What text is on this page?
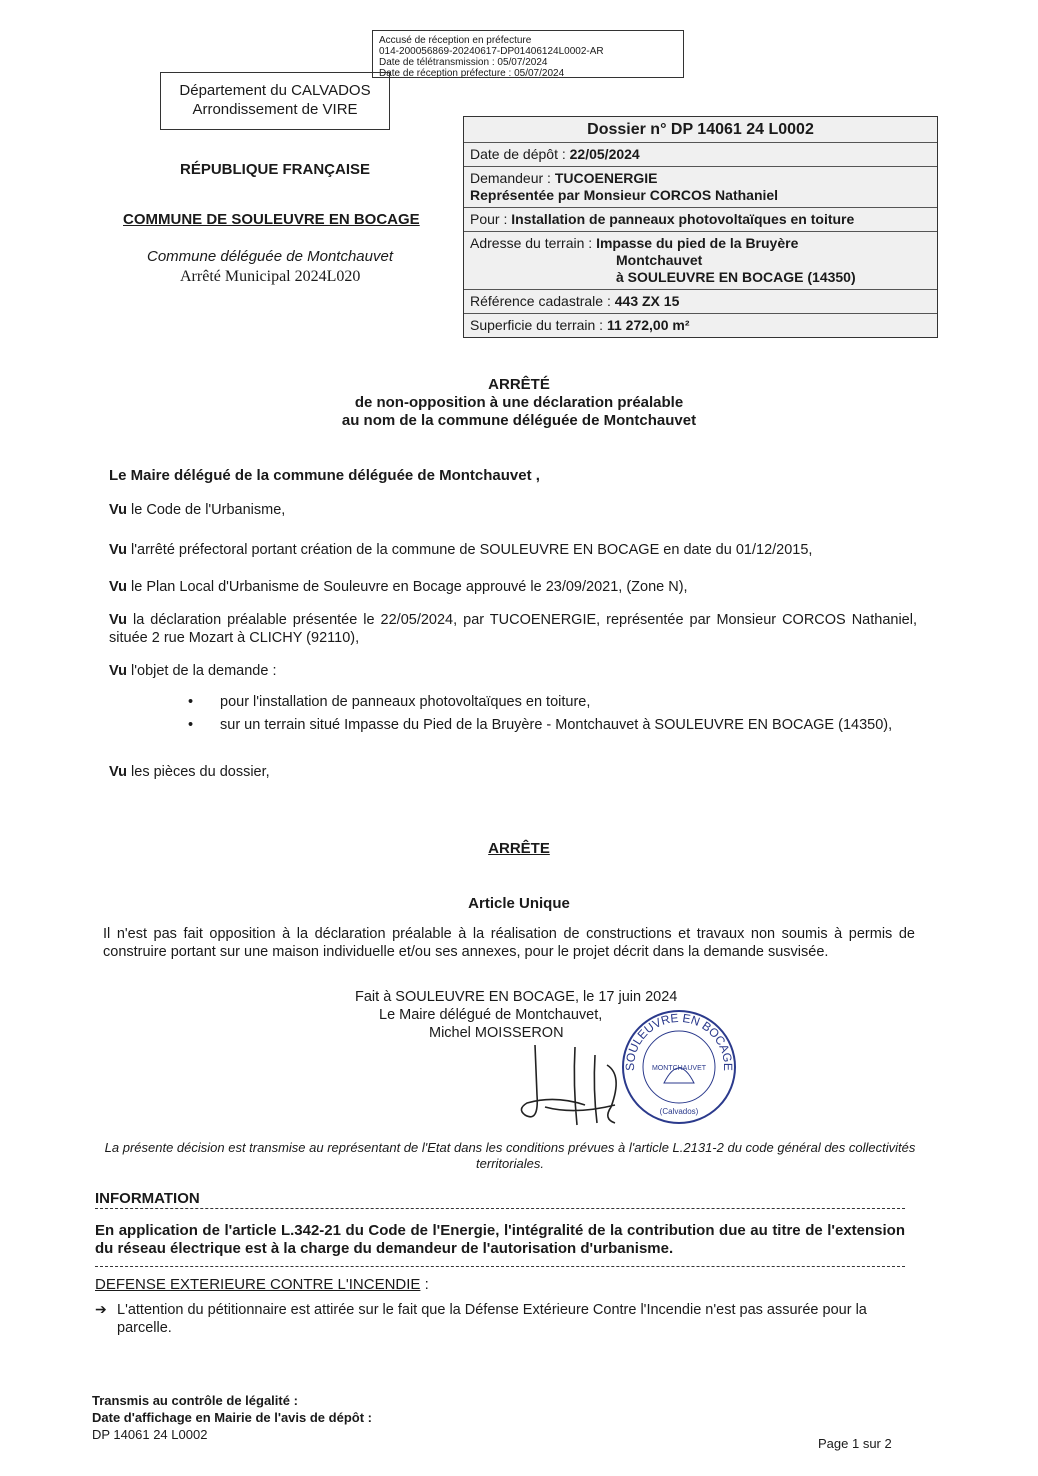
Accusé de réception en préfecture
014-200056869-20240617-DP01406124L0002-AR
Date de télétransmission : 05/07/2024
Date de réception préfecture : 05/07/2024
Département du CALVADOS
Arrondissement de VIRE
RÉPUBLIQUE FRANÇAISE
COMMUNE DE SOULEUVRE EN BOCAGE
Commune déléguée de Montchauvet
Arrêté Municipal 2024L020
Dossier n° DP 14061 24 L0002
Date de dépôt : 22/05/2024
Demandeur : TUCOENERGIE
Représentée par Monsieur CORCOS Nathaniel
Pour : Installation de panneaux photovoltaïques en toiture
Adresse du terrain : Impasse du pied de la Bruyère
Montchauvet
à SOULEUVRE EN BOCAGE (14350)
Référence cadastrale : 443 ZX 15
Superficie du terrain : 11 272,00 m²
ARRÊTÉ
de non-opposition à une déclaration préalable
au nom de la commune déléguée de Montchauvet
Le Maire délégué de la commune déléguée de Montchauvet ,
Vu le Code de l'Urbanisme,
Vu l'arrêté préfectoral portant création de la commune de SOULEUVRE EN BOCAGE en date du 01/12/2015,
Vu le Plan Local d'Urbanisme de Souleuvre en Bocage approuvé le 23/09/2021, (Zone N),
Vu la déclaration préalable présentée le 22/05/2024, par TUCOENERGIE, représentée par Monsieur CORCOS Nathaniel, située 2 rue Mozart à CLICHY (92110),
Vu l'objet de la demande :
• pour l'installation de panneaux photovoltaïques en toiture,
• sur un terrain situé Impasse du Pied de la Bruyère - Montchauvet à SOULEUVRE EN BOCAGE (14350),
Vu les pièces du dossier,
ARRÊTE
Article Unique
Il n'est pas fait opposition à la déclaration préalable à la réalisation de constructions et travaux non soumis à permis de construire portant sur une maison individuelle et/ou ses annexes, pour le projet décrit dans la demande susvisée.
Fait à SOULEUVRE EN BOCAGE, le 17 juin 2024
Le Maire délégué de Montchauvet,
Michel MOISSERON
SOULEUVRE EN BOCAGE
MONTCHAUVET
(Calvados)
La présente décision est transmise au représentant de l'Etat dans les conditions prévues à l'article L.2131-2 du code général des collectivités territoriales.
INFORMATION
En application de l'article L.342-21 du Code de l'Energie, l'intégralité de la contribution due au titre de l'extension du réseau électrique est à la charge du demandeur de l'autorisation d'urbanisme.
DEFENSE EXTERIEURE CONTRE L'INCENDIE :
➔ L'attention du pétitionnaire est attirée sur le fait que la Défense Extérieure Contre l'Incendie n'est pas assurée pour la parcelle.
Transmis au contrôle de légalité :
Date d'affichage en Mairie de l'avis de dépôt :
DP 14061 24 L0002
Page 1 sur 2
